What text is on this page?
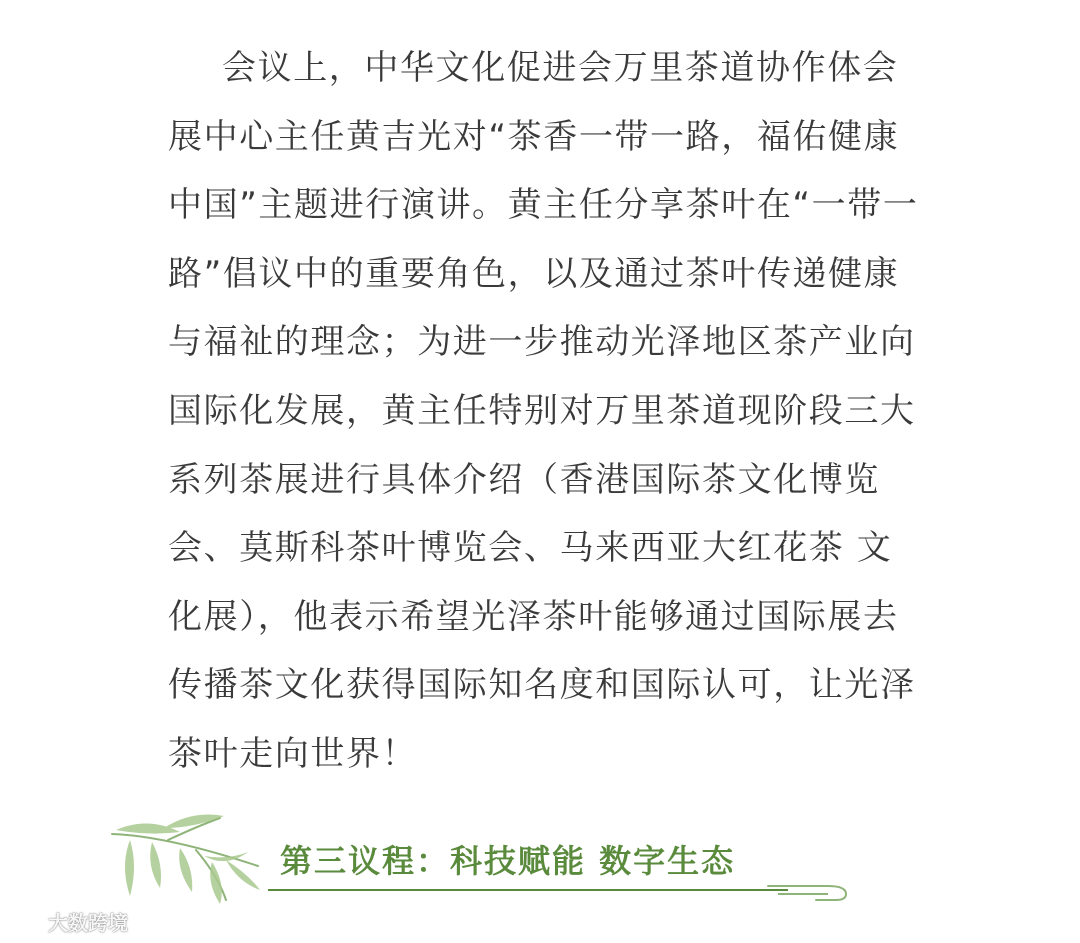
会议上，中华文化促进会万里茶道协作体会
展中心主任黄吉光对“茶香一带一路，福佑健康
中国”主题进行演讲。黄主任分享茶叶在“一带一
路”倡议中的重要角色，以及通过茶叶传递健康
与福祉的理念；为进一步推动光泽地区茶产业向
国际化发展，黄主任特别对万里茶道现阶段三大
系列茶展进行具体介绍（香港国际茶文化博览
会、莫斯科茶叶博览会、马来西亚大红花茶 文
化展），他表示希望光泽茶叶能够通过国际展去
传播茶文化获得国际知名度和国际认可，让光泽
茶叶走向世界！
第三议程：科技赋能 数字生态
大数跨境
